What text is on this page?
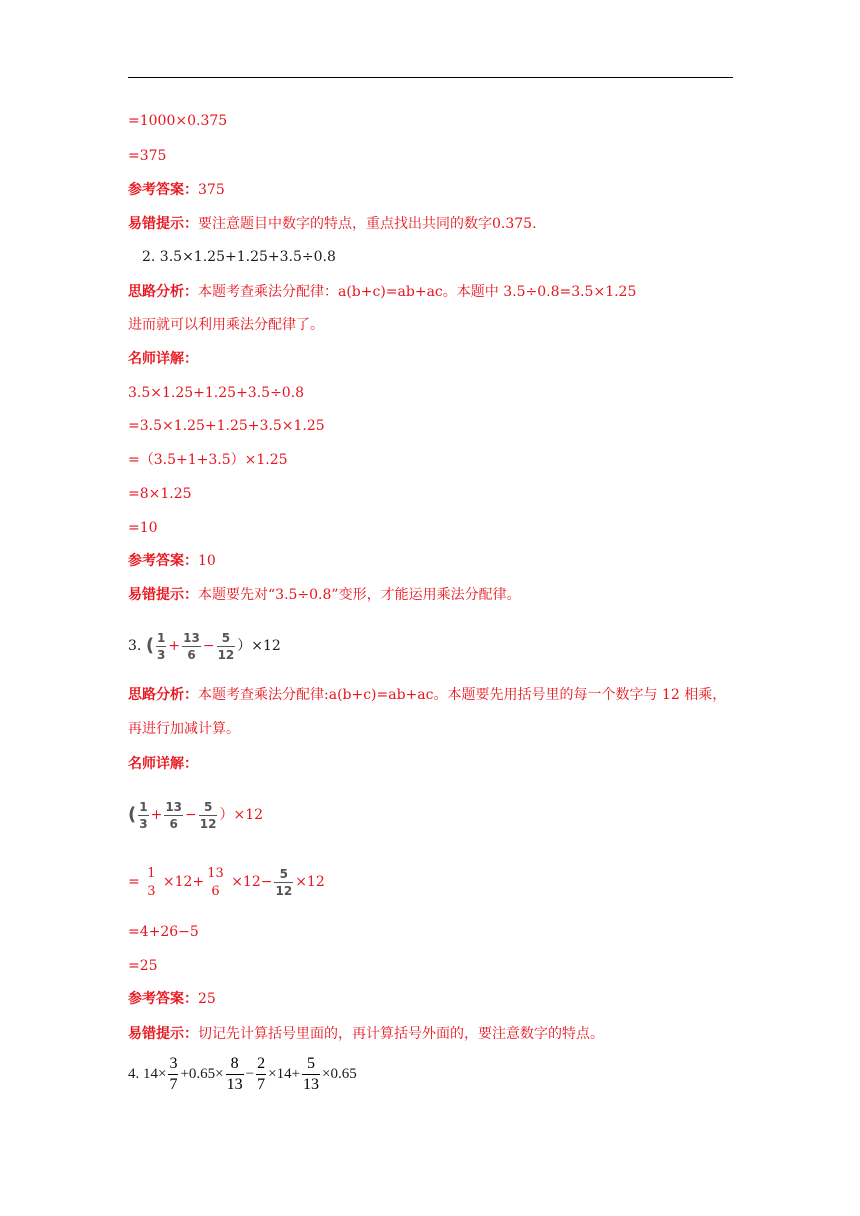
=1000×0.375
=375
参考答案：375
易错提示：要注意题目中数字的特点，重点找出共同的数字0.375.
2. 3.5×1.25+1.25+3.5÷0.8
思路分析：本题考查乘法分配律：a(b+c)=ab+ac。本题中 3.5÷0.8=3.5×1.25
进而就可以利用乘法分配律了。
名师详解：
3.5×1.25+1.25+3.5÷0.8
=3.5×1.25+1.25+3.5×1.25
=（3.5+1+3.5）×1.25
=8×1.25
=10
参考答案：10
易错提示：本题要先对“3.5÷0.8”变形，才能运用乘法分配律。
3. ( $\frac{1}{3} + \frac{13}{6} - \frac{5}{12} )\times 12$
思路分析：本题考查乘法分配律:a(b+c)=ab+ac。本题要先用括号里的每一个数字与 12 相乘，
再进行加减计算。
名师详解：
( $\frac{1}{3} + \frac{13}{6} - \frac{5}{12} )\times 12$
=
1
3
×12+
13
6
$\times 12- \frac{5}{12} \times 12$
=4+26−5
=25
参考答案：25
易错提示：切记先计算括号里面的，再计算括号外面的，要注意数字的特点。
4. $14\times \frac{3}{7} +0.65\times \frac{8}{13} - \frac{2}{7} \times 14+ \frac{5}{13} \times 0.65$
